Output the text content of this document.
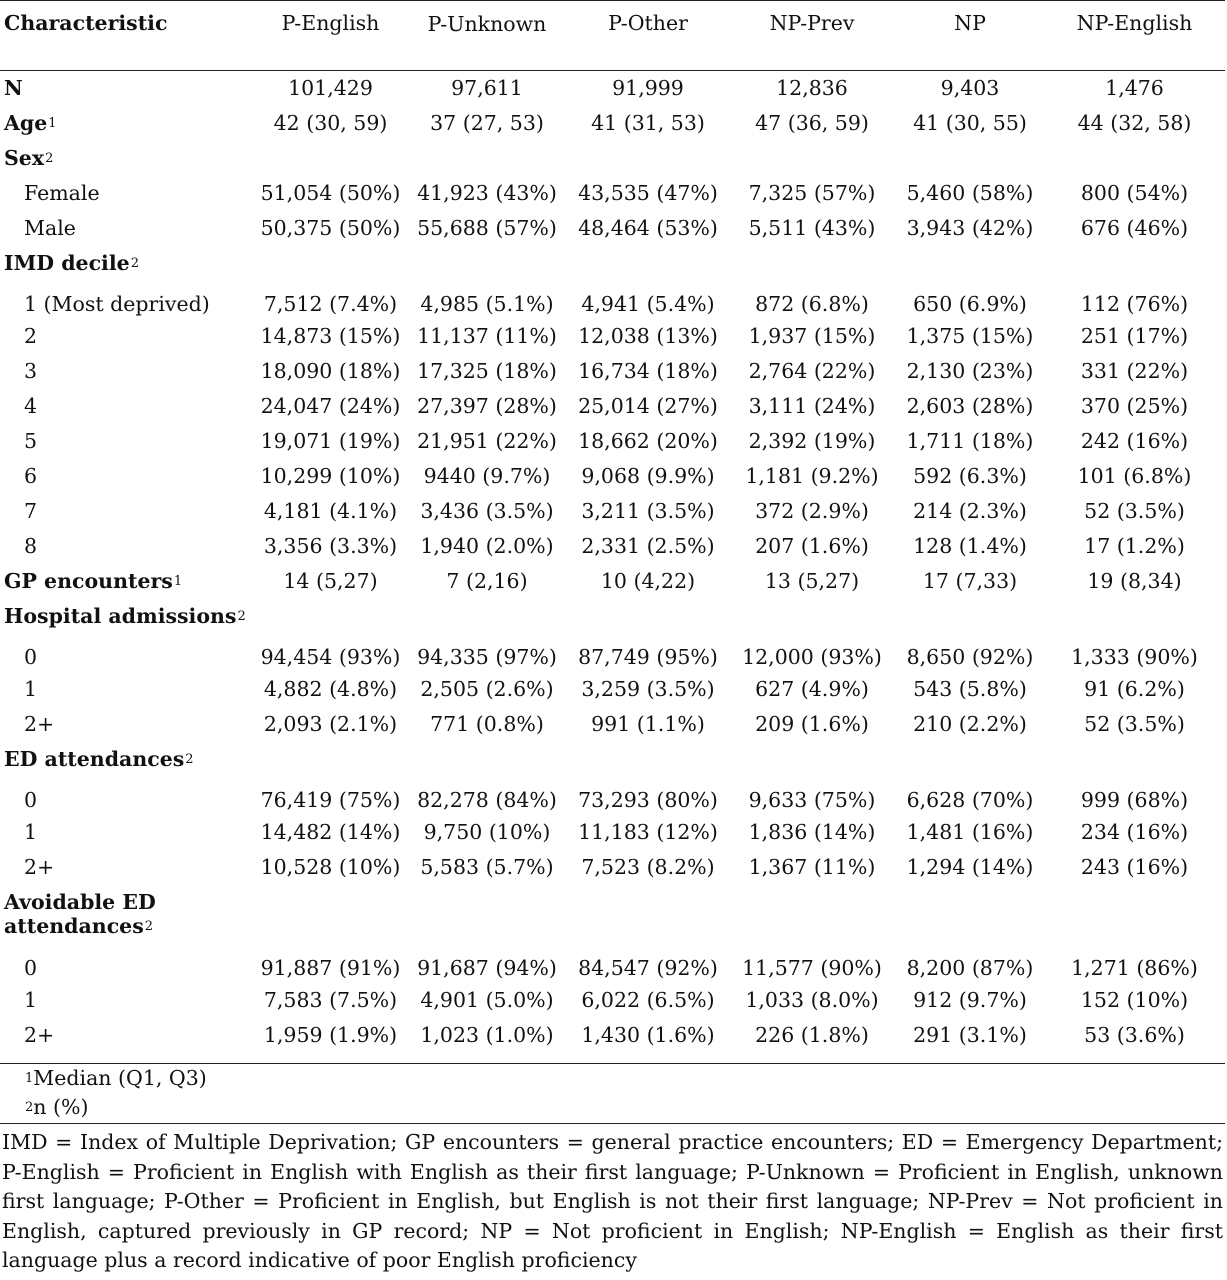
Characteristic	P-English	P-Unknown	P-Other	NP-Prev	NP	NP-English
N	101,429	97,611	91,999	12,836	9,403	1,476
Age$^1$	42 (30, 59)	37 (27, 53)	41 (31, 53)	47 (36, 59)	41 (30, 55)	44 (32, 58)
Sex$^2$	
Female	51,054 (50%)	41,923 (43%)	43,535 (47%)	7,325 (57%)	5,460 (58%)	800 (54%)
Male	50,375 (50%)	55,688 (57%)	48,464 (53%)	5,511 (43%)	3,943 (42%)	676 (46%)
IMD decile$^2$	
1 (Most deprived)	7,512 (7.4%)	4,985 (5.1%)	4,941 (5.4%)	872 (6.8%)	650 (6.9%)	112 (76%)
2	14,873 (15%)	11,137 (11%)	12,038 (13%)	1,937 (15%)	1,375 (15%)	251 (17%)
3	18,090 (18%)	17,325 (18%)	16,734 (18%)	2,764 (22%)	2,130 (23%)	331 (22%)
4	24,047 (24%)	27,397 (28%)	25,014 (27%)	3,111 (24%)	2,603 (28%)	370 (25%)
5	19,071 (19%)	21,951 (22%)	18,662 (20%)	2,392 (19%)	1,711 (18%)	242 (16%)
6	10,299 (10%)	9440 (9.7%)	9,068 (9.9%)	1,181 (9.2%)	592 (6.3%)	101 (6.8%)
7	4,181 (4.1%)	3,436 (3.5%)	3,211 (3.5%)	372 (2.9%)	214 (2.3%)	52 (3.5%)
8	3,356 (3.3%)	1,940 (2.0%)	2,331 (2.5%)	207 (1.6%)	128 (1.4%)	17 (1.2%)
GP encounters$^1$	14 (5,27)	7 (2,16)	10 (4,22)	13 (5,27)	17 (7,33)	19 (8,34)
Hospital admissions$^2$	
0	94,454 (93%)	94,335 (97%)	87,749 (95%)	12,000 (93%)	8,650 (92%)	1,333 (90%)
1	4,882 (4.8%)	2,505 (2.6%)	3,259 (3.5%)	627 (4.9%)	543 (5.8%)	91 (6.2%)
2+	2,093 (2.1%)	771 (0.8%)	991 (1.1%)	209 (1.6%)	210 (2.2%)	52 (3.5%)
ED attendances$^2$	
0	76,419 (75%)	82,278 (84%)	73,293 (80%)	9,633 (75%)	6,628 (70%)	999 (68%)
1	14,482 (14%)	9,750 (10%)	11,183 (12%)	1,836 (14%)	1,481 (16%)	234 (16%)
2+	10,528 (10%)	5,583 (5.7%)	7,523 (8.2%)	1,367 (11%)	1,294 (14%)	243 (16%)
Avoidable ED
attendances$^2$	
0	91,887 (91%)	91,687 (94%)	84,547 (92%)	11,577 (90%)	8,200 (87%)	1,271 (86%)
1	7,583 (7.5%)	4,901 (5.0%)	6,022 (6.5%)	1,033 (8.0%)	912 (9.7%)	152 (10%)
2+	1,959 (1.9%)	1,023 (1.0%)	1,430 (1.6%)	226 (1.8%)	291 (3.1%)	53 (3.6%)
$^1$Median (Q1, Q3)
$^2$n (%)
IMD = Index of Multiple Deprivation; GP encounters = general practice encounters; ED = Emergency Department; P-English = Proficient in English with English as their first language; P-Unknown = Proficient in English, unknown first language; P-Other = Proficient in English, but English is not their first language; NP-Prev = Not proficient in English, captured previously in GP record; NP = Not proficient in English; NP-English = English as their first language plus a record indicative of poor English proficiency
